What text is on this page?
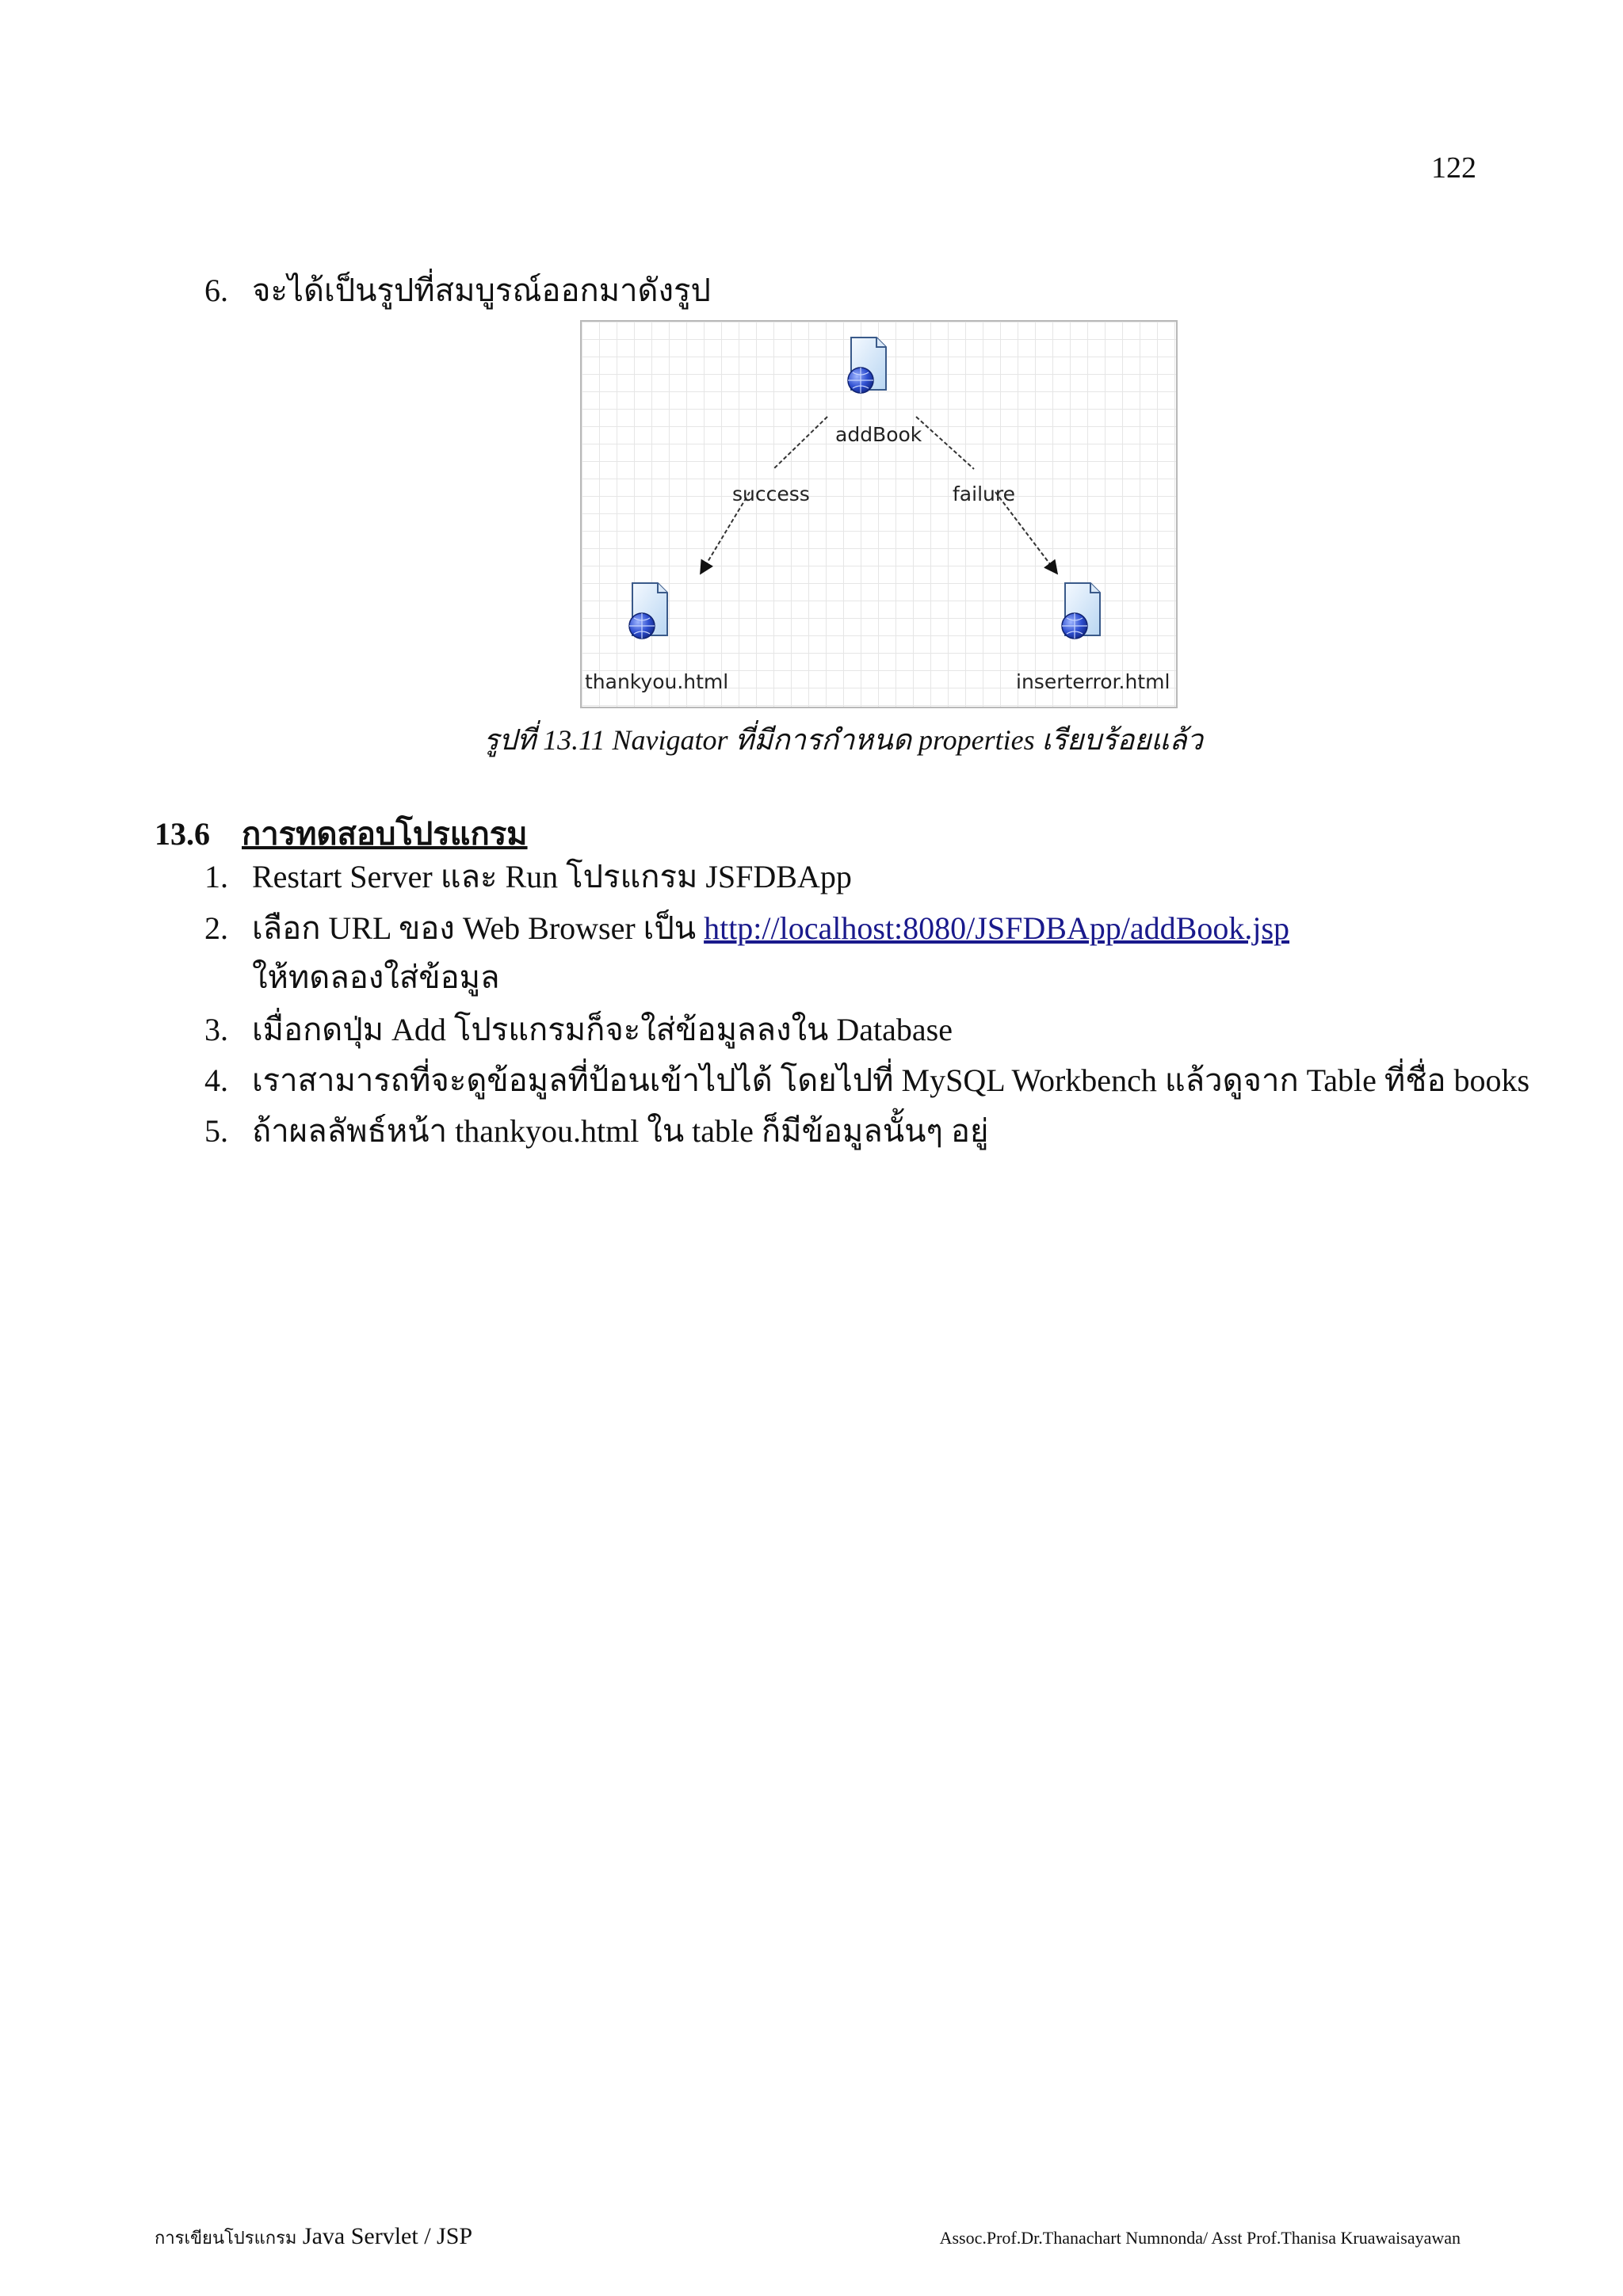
122
6. จะได้เป็นรูปที่สมบูรณ์ออกมาดังรูป
addBook
success	failure
thankyou.html	inserterror.html
รูปที่ 13.11 Navigator ที่มีการกำหนด properties เรียบร้อยแล้ว
13.6 การทดสอบโปรแกรม
1. Restart Server และ Run โปรแกรม JSFDBApp
2. เลือก URL ของ Web Browser เป็น http://localhost:8080/JSFDBApp/addBook.jsp
ให้ทดลองใส่ข้อมูล
3. เมื่อกดปุ่ม Add โปรแกรมก็จะใส่ข้อมูลลงใน Database
4. เราสามารถที่จะดูข้อมูลที่ป้อนเข้าไปได้ โดยไปที่ MySQL Workbench แล้วดูจาก Table ที่ชื่อ books
5. ถ้าผลลัพธ์หน้า thankyou.html ใน table ก็มีข้อมูลนั้นๆ อยู่
การเขียนโปรแกรม Java Servlet / JSP	Assoc.Prof.Dr.Thanachart Numnonda/ Asst Prof.Thanisa Kruawaisayawan
